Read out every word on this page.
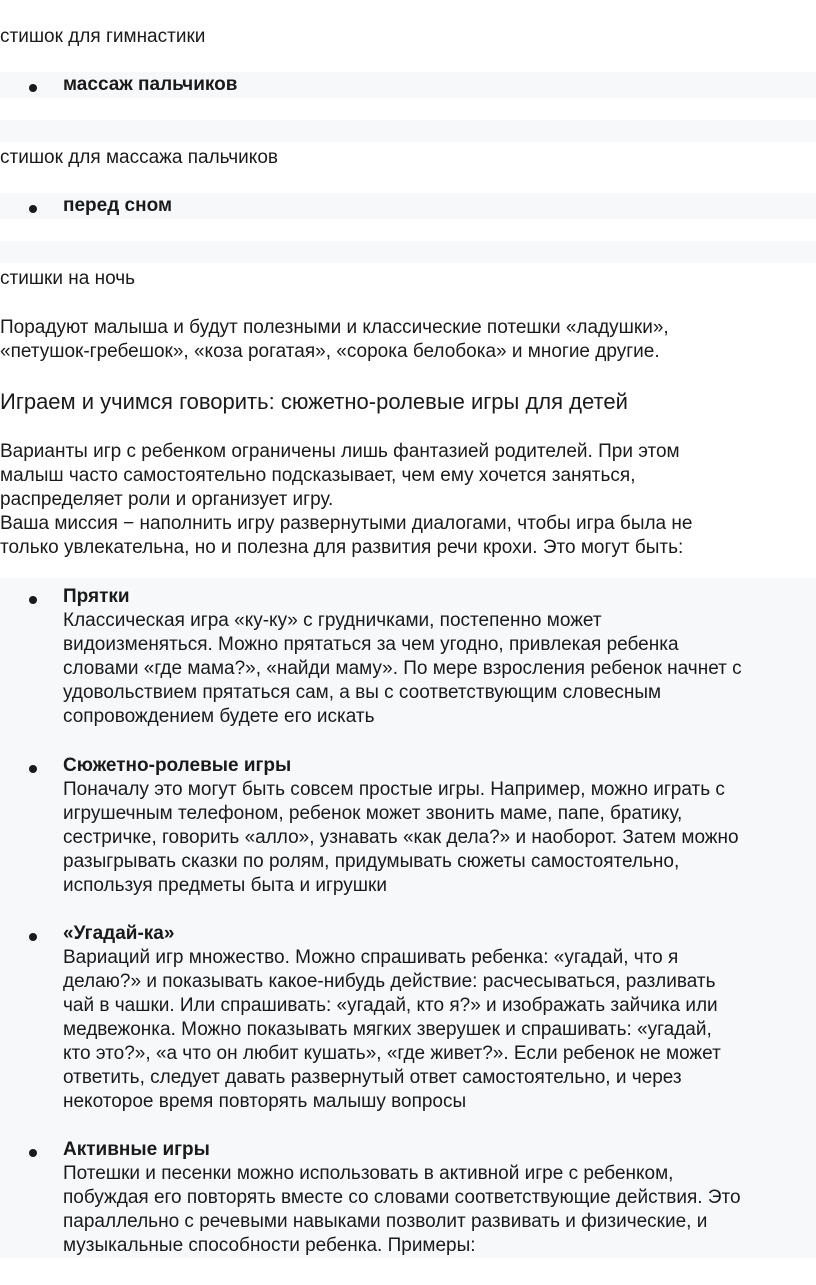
стишок для гимнастики

массаж пальчиков

стишок для массажа пальчиков

перед сном

стишки на ночь

Порадуют малыша и будут полезными и классические потешки «ладушки»,

«петушок-гребешок», «коза рогатая», «сорока белобока» и многие другие.

Играем и учимся говорить: сюжетно-ролевые игры для детей

Варианты игр с ребенком ограничены лишь фантазией родителей. При этом

малыш часто самостоятельно подсказывает, чем ему хочется заняться,

распределяет роли и организует игру.

Ваша миссия − наполнить игру развернутыми диалогами, чтобы игра была не

только увлекательна, но и полезна для развития речи крохи. Это могут быть:

Прятки

Классическая игра «ку-ку» с грудничками, постепенно может
видоизменяться. Можно прятаться за чем угодно, привлекая ребенка
словами «где мама?», «найди маму». По мере взросления ребенок начнет с
удовольствием прятаться сам, а вы с соответствующим словесным
сопровождением будете его искать

Сюжетно-ролевые игры

Поначалу это могут быть совсем простые игры. Например, можно играть с
игрушечным телефоном, ребенок может звонить маме, папе, братику,
сестричке, говорить «алло», узнавать «как дела?» и наоборот. Затем можно
разыгрывать сказки по ролям, придумывать сюжеты самостоятельно,
используя предметы быта и игрушки

«Угадай-ка»

Вариаций игр множество. Можно спрашивать ребенка: «угадай, что я
делаю?» и показывать какое-нибудь действие: расчесываться, разливать
чай в чашки. Или спрашивать: «угадай, кто я?» и изображать зайчика или
медвежонка. Можно показывать мягких зверушек и спрашивать: «угадай,
кто это?», «а что он любит кушать», «где живет?». Если ребенок не может
ответить, следует давать развернутый ответ самостоятельно, и через
некоторое время повторять малышу вопросы

Активные игры

Потешки и песенки можно использовать в активной игре с ребенком,
побуждая его повторять вместе со словами соответствующие действия. Это
параллельно с речевыми навыками позволит развивать и физические, и
музыкальные способности ребенка. Примеры:
